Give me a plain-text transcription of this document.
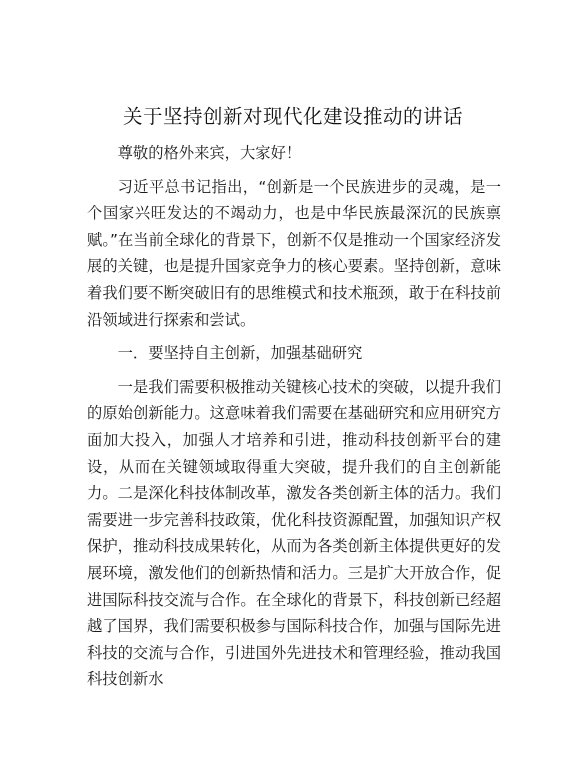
关于坚持创新对现代化建设推动的讲话

尊敬的格外来宾，大家好！

习近平总书记指出，“创新是一个民族进步的灵魂，是一个国家兴旺发达的不竭动力，也是中华民族最深沉的民族禀赋。”在当前全球化的背景下，创新不仅是推动一个国家经济发展的关键，也是提升国家竞争力的核心要素。坚持创新，意味着我们要不断突破旧有的思维模式和技术瓶颈，敢于在科技前沿领域进行探索和尝试。

一．要坚持自主创新，加强基础研究

一是我们需要积极推动关键核心技术的突破，以提升我们的原始创新能力。这意味着我们需要在基础研究和应用研究方面加大投入，加强人才培养和引进，推动科技创新平台的建设，从而在关键领域取得重大突破，提升我们的自主创新能力。二是深化科技体制改革，激发各类创新主体的活力。我们需要进一步完善科技政策，优化科技资源配置，加强知识产权保护，推动科技成果转化，从而为各类创新主体提供更好的发展环境，激发他们的创新热情和活力。三是扩大开放合作，促进国际科技交流与合作。在全球化的背景下，科技创新已经超越了国界，我们需要积极参与国际科技合作，加强与国际先进科技的交流与合作，引进国外先进技术和管理经验，推动我国科技创新水
